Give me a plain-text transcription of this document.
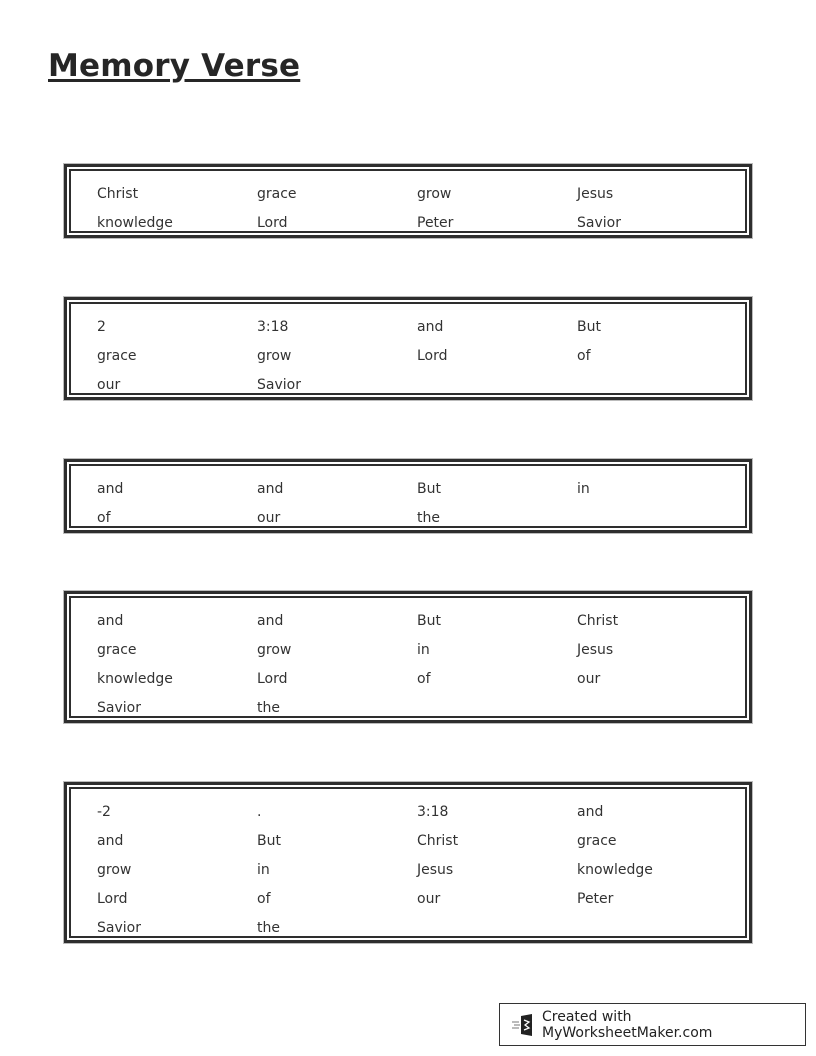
Memory Verse
Christ	grace	grow	Jesus
knowledge	Lord	Peter	Savior
2	3:18	and	But
grace	grow	Lord	of
our	Savior
and	and	But	in
of	our	the
and	and	But	Christ
grace	grow	in	Jesus
knowledge	Lord	of	our
Savior	the
-2	.	3:18	and
and	But	Christ	grace
grow	in	Jesus	knowledge
Lord	of	our	Peter
Savior	the
Created with MyWorksheetMaker.com
